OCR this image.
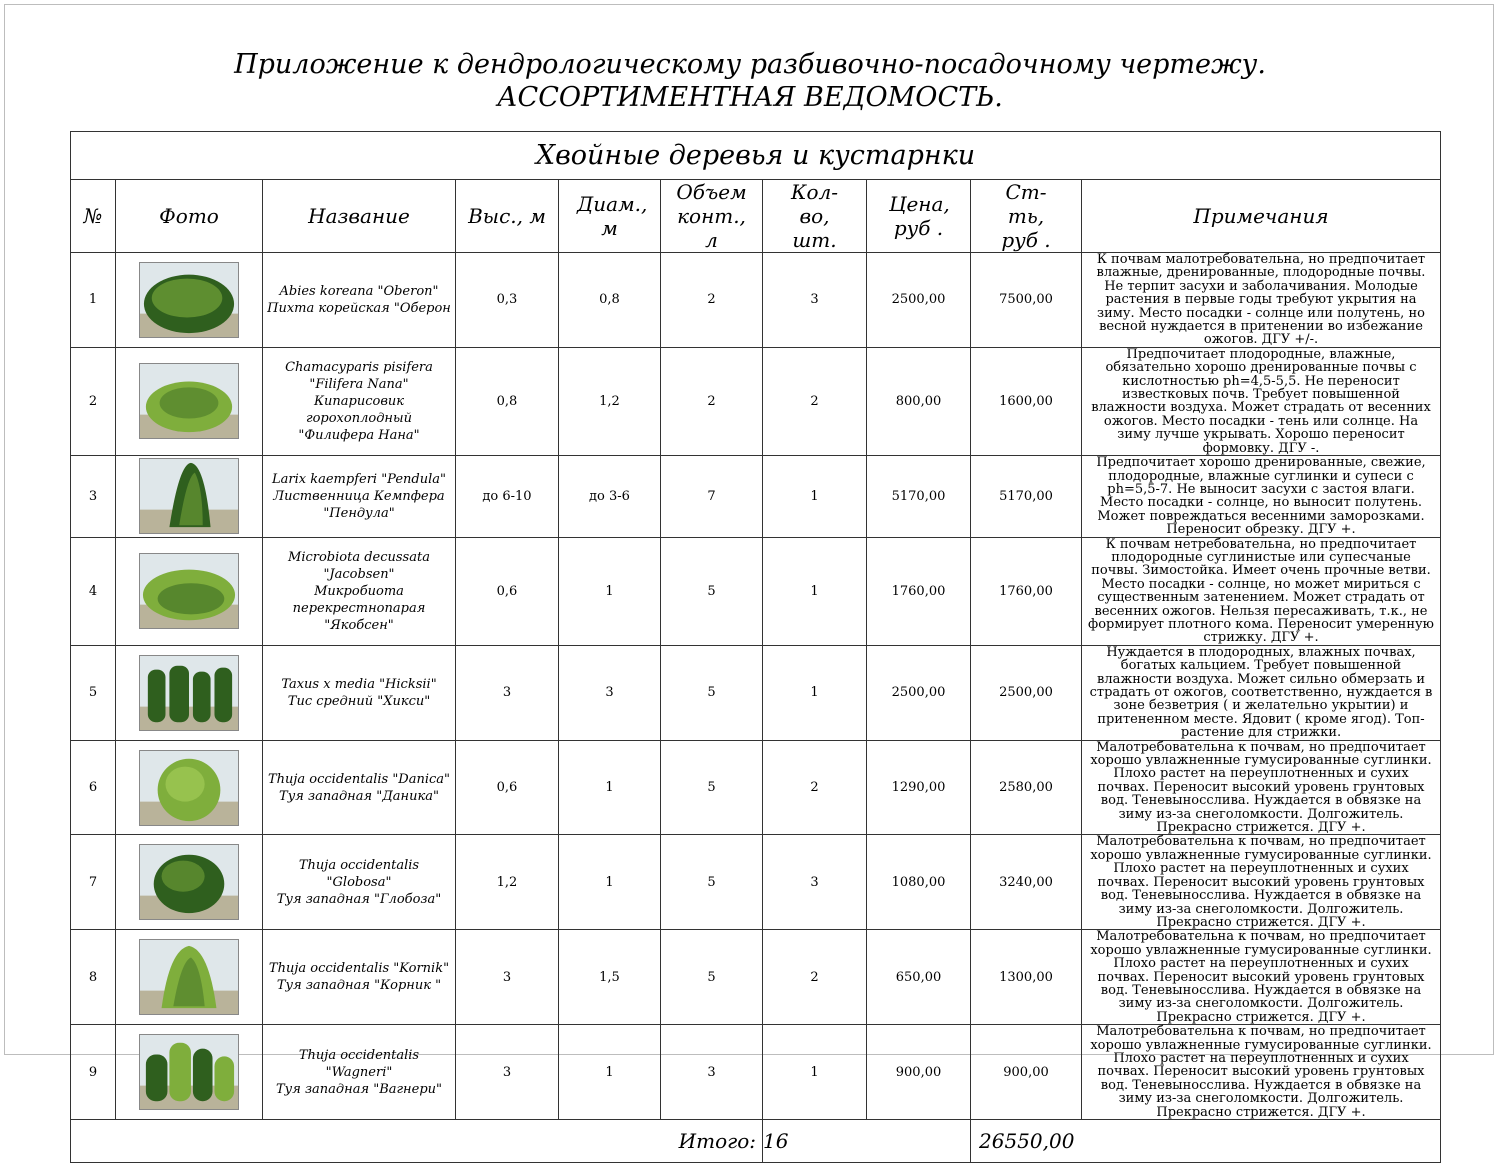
Приложение к дендрологическому разбивочно-посадочному чертежу.
АССОРТИМЕНТНАЯ ВЕДОМОСТЬ.
Хвойные деревья и кустарнки									
№	Фото	Название	Выс., м	Диам., м	Объем конт., л	Кол-во, шт.	Цена, руб .	Ст-ть, руб .	Примечания
1		Abies koreana "Oberon"
Пихта корейская "Оберон	0,3	0,8	2	3	2500,00	7500,00	К почвам малотребовательна, но предпочитает влажные, дренированные, плодородные почвы. Не терпит засухи и заболачивания. Молодые растения в первые годы требуют укрытия на зиму. Место посадки - солнце или полутень, но весной нуждается в притенении во избежание ожогов. ДГУ +/-.
2		Chamacyparis pisifera "Filifera Nana"
Кипарисовик горохоплодный "Филифера Нана"	0,8	1,2	2	2	800,00	1600,00	Предпочитает плодородные, влажные, обязательно хорошо дренированные почвы с кислотностью ph=4,5-5,5. Не переносит известковых почв. Требует повышенной влажности воздуха. Может страдать от весенних ожогов. Место посадки - тень или солнце. На зиму лучше укрывать. Хорошо переносит формовку. ДГУ -.
3		Larix kaempferi "Pendula"
Лиственница Кемпфера "Пендула"	до 6-10	до 3-6	7	1	5170,00	5170,00	Предпочитает хорошо дренированные, свежие, плодородные, влажные суглинки и супеси с ph=5,5-7. Не выносит засухи с застоя влаги. Место посадки - солнце, но выносит полутень. Может повреждаться весенними заморозками. Переносит обрезку. ДГУ +.
4		Microbiota decussata "Jacobsen"
Микробиота перекрестнопарая "Якобсен"	0,6	1	5	1	1760,00	1760,00	К почвам нетребовательна, но предпочитает плодородные суглинистые или супесчаные почвы. Зимостойка. Имеет очень прочные ветви. Место посадки - солнце, но может мириться с существенным затенением. Может страдать от весенних ожогов. Нельзя пересаживать, т.к., не формирует плотного кома. Переносит умеренную стрижку. ДГУ +.
5		Taxus x media "Hicksii"
Тис средний "Хикси"	3	3	5	1	2500,00	2500,00	Нуждается в плодородных, влажных почвах, богатых кальцием. Требует повышенной влажности воздуха. Может сильно обмерзать и страдать от ожогов, соответственно, нуждается в зоне безветрия ( и желательно укрытии) и притененном месте. Ядовит ( кроме ягод). Топ-растение для стрижки.
6		Thuja occidentalis "Danica"
Туя западная "Даника"	0,6	1	5	2	1290,00	2580,00	Малотребовательна к почвам, но предпочитает хорошо увлажненные гумусированные суглинки. Плохо растет на переуплотненных и сухих почвах. Переносит высокий уровень грунтовых вод. Теневыносслива. Нуждается в обвязке на зиму из-за снеголомкости. Долгожитель. Прекрасно стрижется. ДГУ +.
7		Thuja occidentalis "Globosa"
Туя западная "Глобоза"	1,2	1	5	3	1080,00	3240,00	Малотребовательна к почвам, но предпочитает хорошо увлажненные гумусированные суглинки. Плохо растет на переуплотненных и сухих почвах. Переносит высокий уровень грунтовых вод. Теневыносслива. Нуждается в обвязке на зиму из-за снеголомкости. Долгожитель. Прекрасно стрижется. ДГУ +.
8		Thuja occidentalis "Kornik"
Туя западная "Корник "	3	1,5	5	2	650,00	1300,00	Малотребовательна к почвам, но предпочитает хорошо увлажненные гумусированные суглинки. Плохо растет на переуплотненных и сухих почвах. Переносит высокий уровень грунтовых вод. Теневыносслива. Нуждается в обвязке на зиму из-за снеголомкости. Долгожитель. Прекрасно стрижется. ДГУ +.
9		Thuja occidentalis "Wagneri"
Туя западная "Вагнери"	3	1	3	1	900,00	900,00	Малотребовательна к почвам, но предпочитает хорошо увлажненные гумусированные суглинки. Плохо растет на переуплотненных и сухих почвах. Переносит высокий уровень грунтовых вод. Теневыносслива. Нуждается в обвязке на зиму из-за снеголомкости. Долгожитель. Прекрасно стрижется. ДГУ +.
Итого:						16		26550,00	
